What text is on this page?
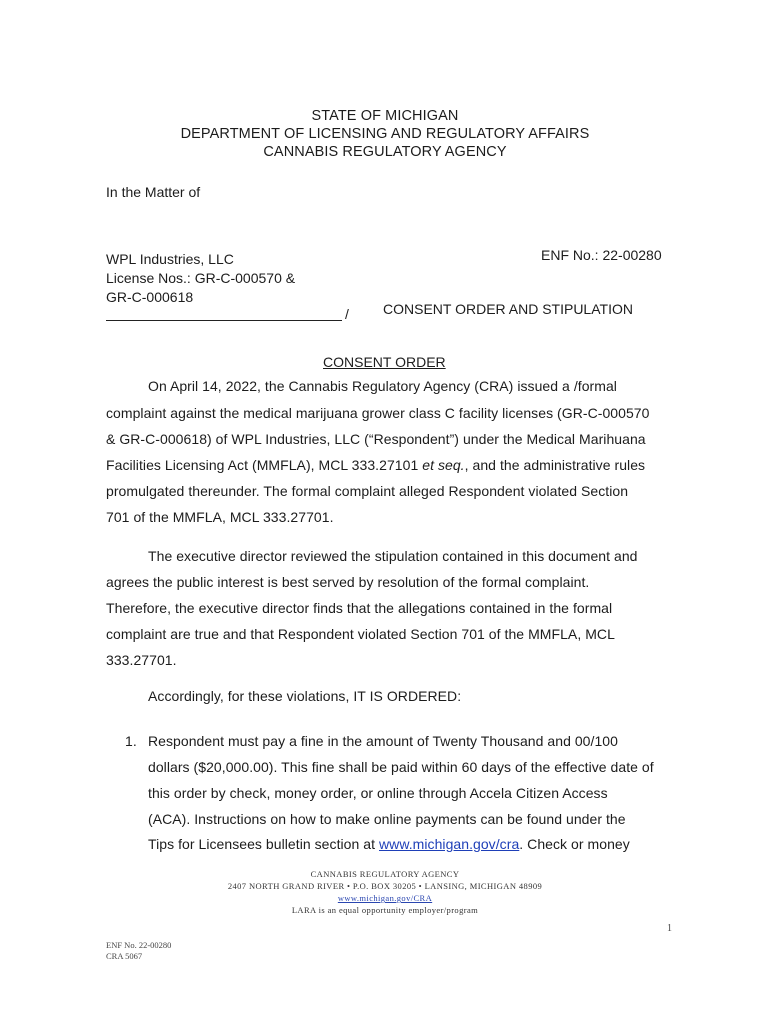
STATE OF MICHIGAN
DEPARTMENT OF LICENSING AND REGULATORY AFFAIRS
CANNABIS REGULATORY AGENCY
In the Matter of
WPL Industries, LLC
License Nos.: GR-C-000570 &
GR-C-000618
/
ENF No.: 22-00280
CONSENT ORDER AND STIPULATION
CONSENT ORDER
On April 14, 2022, the Cannabis Regulatory Agency (CRA) issued a /formal
complaint against the medical marijuana grower class C facility licenses (GR-C-000570
& GR-C-000618) of WPL Industries, LLC (“Respondent”) under the Medical Marihuana
Facilities Licensing Act (MMFLA), MCL 333.27101 et seq., and the administrative rules
promulgated thereunder. The formal complaint alleged Respondent violated Section
701 of the MMFLA, MCL 333.27701.
The executive director reviewed the stipulation contained in this document and
agrees the public interest is best served by resolution of the formal complaint.
Therefore, the executive director finds that the allegations contained in the formal
complaint are true and that Respondent violated Section 701 of the MMFLA, MCL
333.27701.
Accordingly, for these violations, IT IS ORDERED:
1. Respondent must pay a fine in the amount of Twenty Thousand and 00/100
dollars ($20,000.00). This fine shall be paid within 60 days of the effective date of
this order by check, money order, or online through Accela Citizen Access
(ACA). Instructions on how to make online payments can be found under the
Tips for Licensees bulletin section at www.michigan.gov/cra. Check or money
CANNABIS REGULATORY AGENCY
2407 NORTH GRAND RIVER • P.O. BOX 30205 • LANSING, MICHIGAN 48909
www.michigan.gov/CRA
LARA is an equal opportunity employer/program
1
ENF No. 22-00280
CRA 5067
